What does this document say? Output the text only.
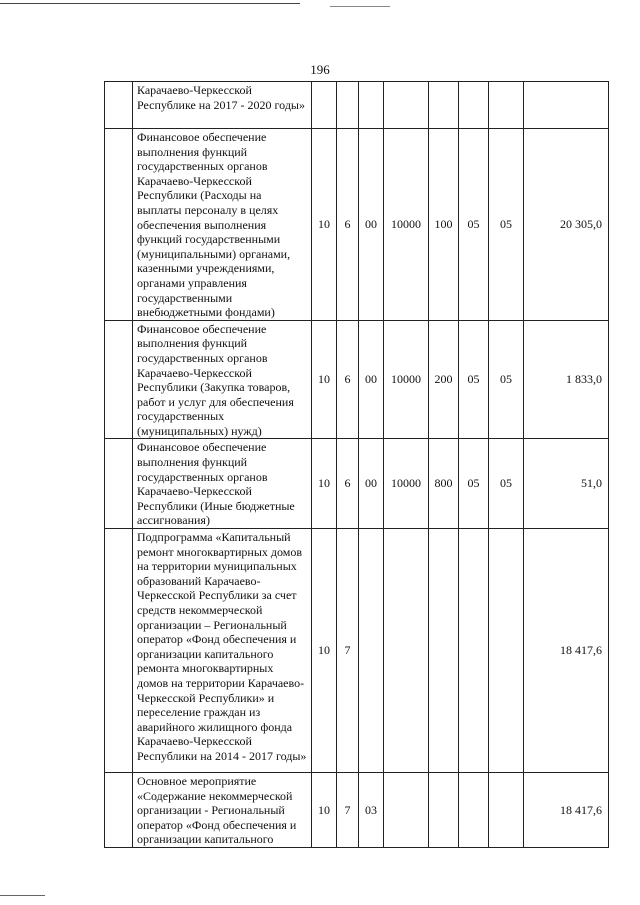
196
	Карачаево-Черкесской Республике на 2017 - 2020 годы»								
	Финансовое обеспечение выполнения функций государственных органов Карачаево-Черкесской Республики (Расходы на выплаты персоналу в целях обеспечения выполнения функций государственными (муниципальными) органами, казенными учреждениями, органами управления государственными внебюджетными фондами)	10	6	00	10000	100	05	05	20 305,0
	Финансовое обеспечение выполнения функций государственных органов Карачаево-Черкесской Республики (Закупка товаров, работ и услуг для обеспечения государственных (муниципальных) нужд)	10	6	00	10000	200	05	05	1 833,0
	Финансовое обеспечение выполнения функций государственных органов Карачаево-Черкесской Республики (Иные бюджетные ассигнования)	10	6	00	10000	800	05	05	51,0
	Подпрограмма «Капитальный ремонт многоквартирных домов на территории муниципальных образований Карачаево-Черкесской Республики за счет средств некоммерческой организации – Региональный оператор «Фонд обеспечения и организации капитального ремонта многоквартирных домов на территории Карачаево-Черкесской Республики» и переселение граждан из аварийного жилищного фонда Карачаево-Черкесской Республики на 2014 - 2017 годы»	10	7						18 417,6
	Основное мероприятие «Содержание некоммерческой организации - Региональный оператор «Фонд обеспечения и организации капитального	10	7	03					18 417,6
